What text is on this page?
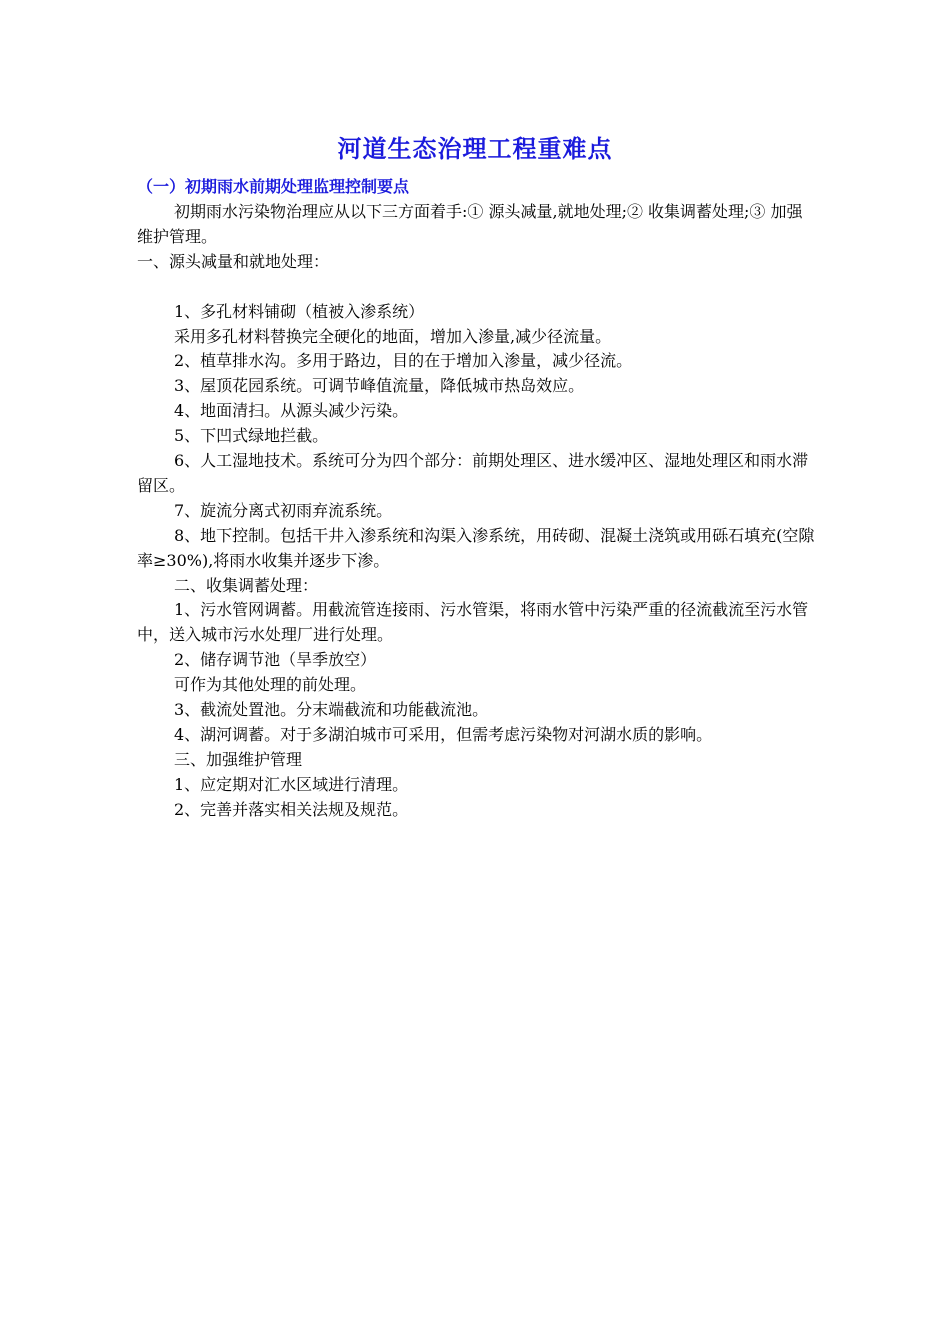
河道生态治理工程重难点
（一）初期雨水前期处理监理控制要点

初期雨水污染物治理应从以下三方面着手:① 源头减量,就地处理;② 收集调蓄处理;③ 加强维护管理。

一、源头减量和就地处理：

1、多孔材料铺砌（植被入渗系统）

采用多孔材料替换完全硬化的地面，增加入渗量,减少径流量。

2、植草排水沟。多用于路边，目的在于增加入渗量，减少径流。

3、屋顶花园系统。可调节峰值流量，降低城市热岛效应。

4、地面清扫。从源头减少污染。

5、下凹式绿地拦截。

6、人工湿地技术。系统可分为四个部分：前期处理区、进水缓冲区、湿地处理区和雨水滞留区。

7、旋流分离式初雨弃流系统。

8、地下控制。包括干井入渗系统和沟渠入渗系统，用砖砌、混凝土浇筑或用砾石填充(空隙率≥30%),将雨水收集并逐步下渗。

二、收集调蓄处理：

1、污水管网调蓄。用截流管连接雨、污水管渠，将雨水管中污染严重的径流截流至污水管中，送入城市污水处理厂进行处理。

2、储存调节池（旱季放空）

可作为其他处理的前处理。

3、截流处置池。分末端截流和功能截流池。

4、湖河调蓄。对于多湖泊城市可采用，但需考虑污染物对河湖水质的影响。

三、加强维护管理

1、应定期对汇水区域进行清理。

2、完善并落实相关法规及规范。
